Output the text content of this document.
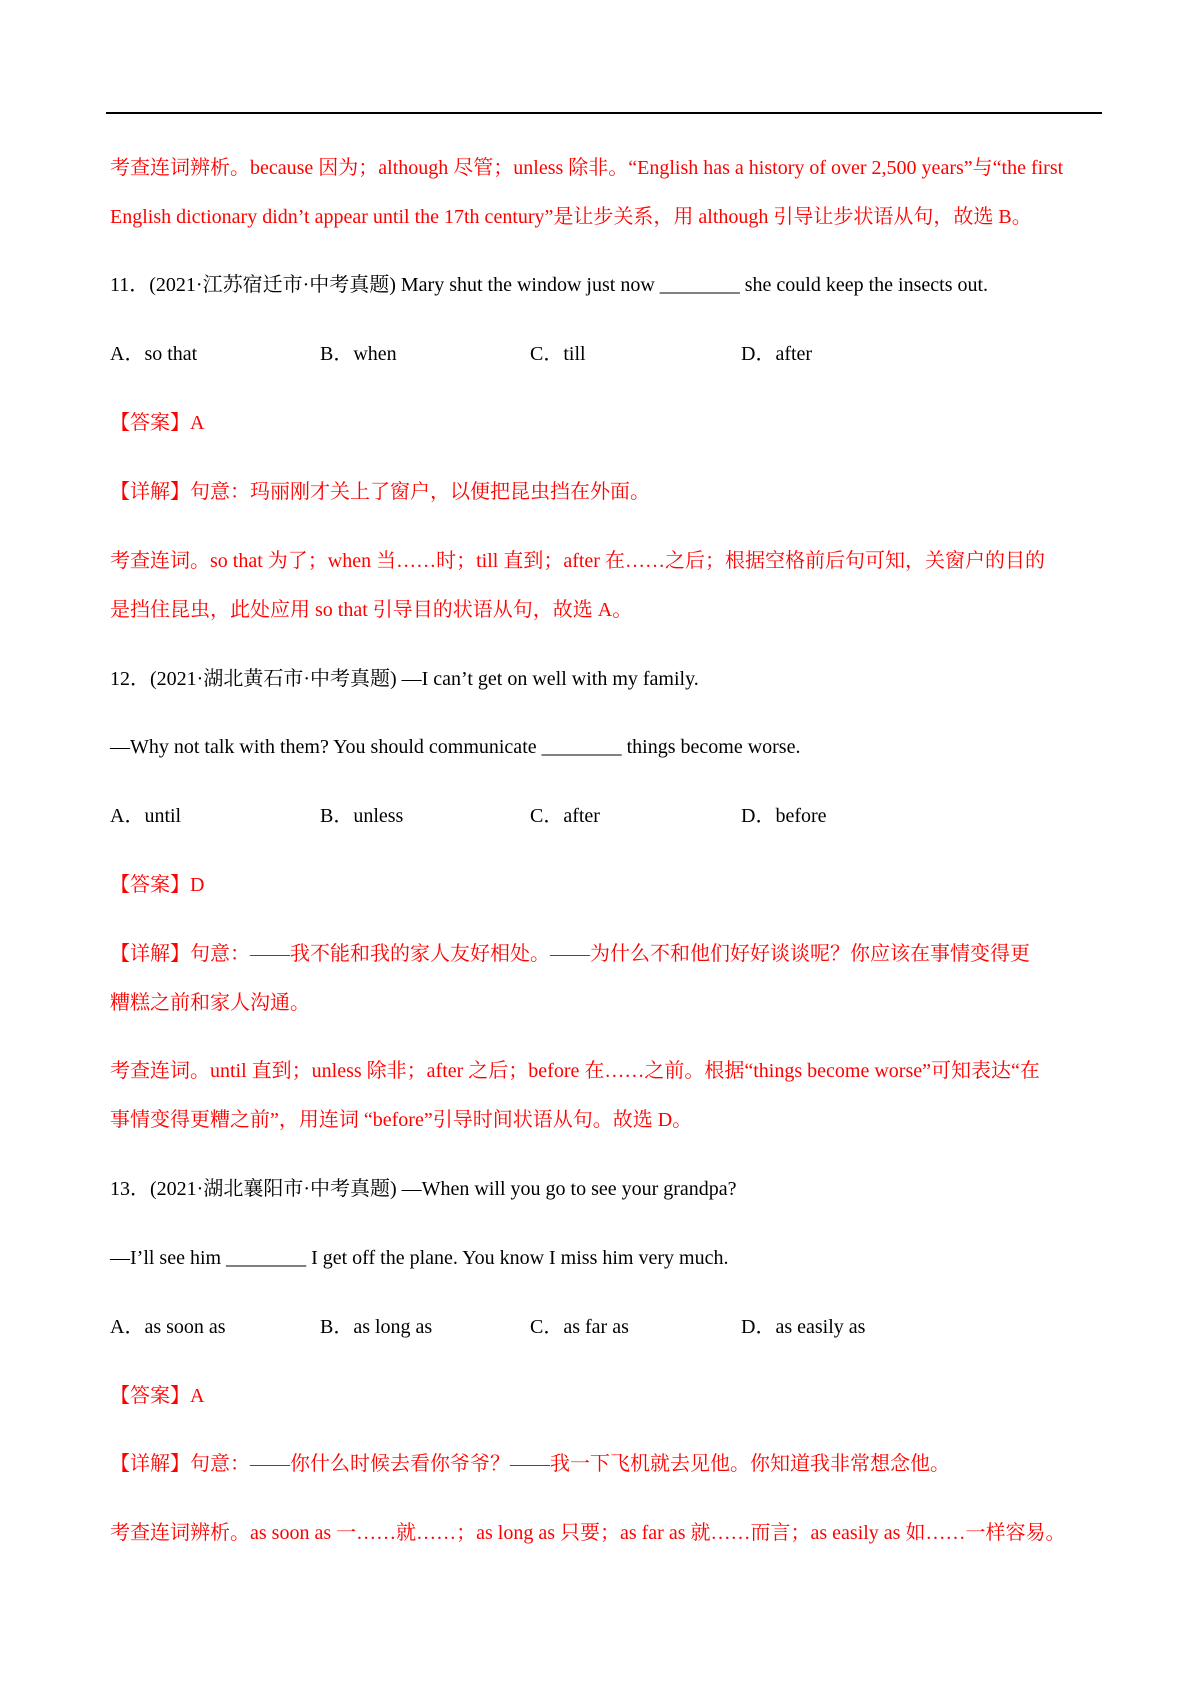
考查连词辨析。because 因为；although 尽管；unless 除非。“English has a history of over 2,500 years”与“the first
English dictionary didn’t appear until the 17th century”是让步关系，用 although 引导让步状语从句，故选 B。
11．(2021·江苏宿迁市·中考真题) Mary shut the window just now ________ she could keep the insects out.
A．so that	B．when	C．till	D．after
【答案】A
【详解】句意：玛丽刚才关上了窗户，以便把昆虫挡在外面。
考查连词。so that 为了；when 当……时；till 直到；after 在……之后；根据空格前后句可知，关窗户的目的
是挡住昆虫，此处应用 so that 引导目的状语从句，故选 A。
12．(2021·湖北黄石市·中考真题) —I can’t get on well with my family.
—Why not talk with them? You should communicate ________ things become worse.
A．until	B．unless	C．after	D．before
【答案】D
【详解】句意：——我不能和我的家人友好相处。——为什么不和他们好好谈谈呢？你应该在事情变得更
糟糕之前和家人沟通。
考查连词。until 直到；unless 除非；after 之后；before 在……之前。根据“things become worse”可知表达“在
事情变得更糟之前”，用连词 “before”引导时间状语从句。故选 D。
13．(2021·湖北襄阳市·中考真题) —When will you go to see your grandpa?
—I’ll see him ________ I get off the plane. You know I miss him very much.
A．as soon as	B．as long as	C．as far as	D．as easily as
【答案】A
【详解】句意：——你什么时候去看你爷爷？——我一下飞机就去见他。你知道我非常想念他。
考查连词辨析。as soon as 一……就……；as long as 只要；as far as 就……而言；as easily as 如……一样容易。
